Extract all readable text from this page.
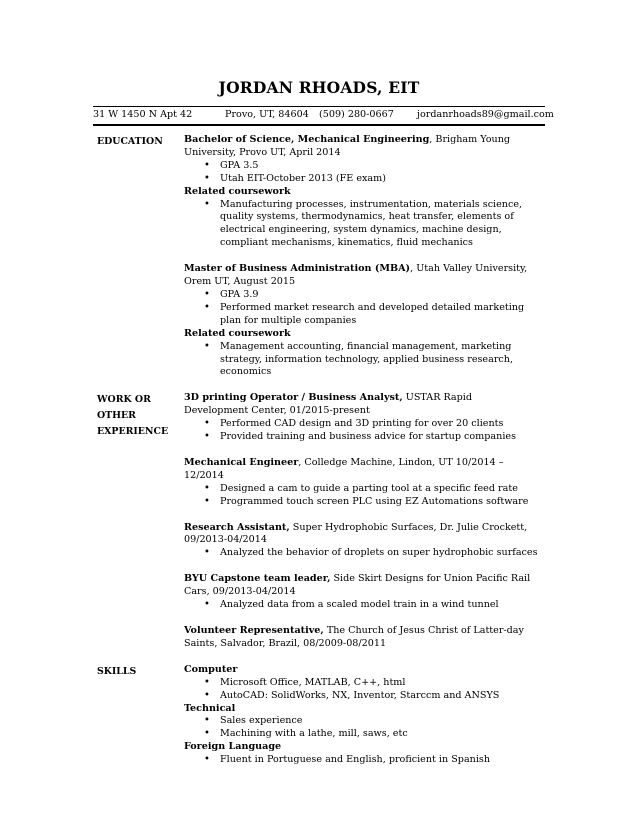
JORDAN RHOADS, EIT
31 W 1450 N Apt 42	Provo, UT, 84604 (509) 280-0667 jordanrhoads89@gmail.com
EDUCATION Bachelor of Science, Mechanical Engineering, Brigham Young University, Provo UT, April 2014

• GPA 3.5
• Utah EIT-October 2013 (FE exam)

Related coursework

• Manufacturing processes, instrumentation, materials science, quality systems, thermodynamics, heat transfer, elements of electrical engineering, system dynamics, machine design, compliant mechanisms, kinematics, fluid mechanics

Master of Business Administration (MBA), Utah Valley University, Orem UT, August 2015

• GPA 3.9
• Performed market research and developed detailed marketing plan for multiple companies

Related coursework

• Management accounting, financial management, marketing strategy, information technology, applied business research, economics
WORK OR
OTHER
EXPERIENCE

3D printing Operator / Business Analyst, USTAR Rapid Development Center, 01/2015-present

• Performed CAD design and 3D printing for over 20 clients
• Provided training and business advice for startup companies

Mechanical Engineer, Colledge Machine, Lindon, UT 10/2014 – 12/2014

• Designed a cam to guide a parting tool at a specific feed rate
• Programmed touch screen PLC using EZ Automations software

Research Assistant, Super Hydrophobic Surfaces, Dr. Julie Crockett, 09/2013-04/2014

• Analyzed the behavior of droplets on super hydrophobic surfaces

BYU Capstone team leader, Side Skirt Designs for Union Pacific Rail Cars, 09/2013-04/2014

• Analyzed data from a scaled model train in a wind tunnel

Volunteer Representative, The Church of Jesus Christ of Latter-day Saints, Salvador, Brazil, 08/2009-08/2011

SKILLS	Computer

• Microsoft Office, MATLAB, C++, html
• AutoCAD: SolidWorks, NX, Inventor, Starccm and ANSYS

Technical

• Sales experience
• Machining with a lathe, mill, saws, etc

Foreign Language

• Fluent in Portuguese and English, proficient in Spanish
